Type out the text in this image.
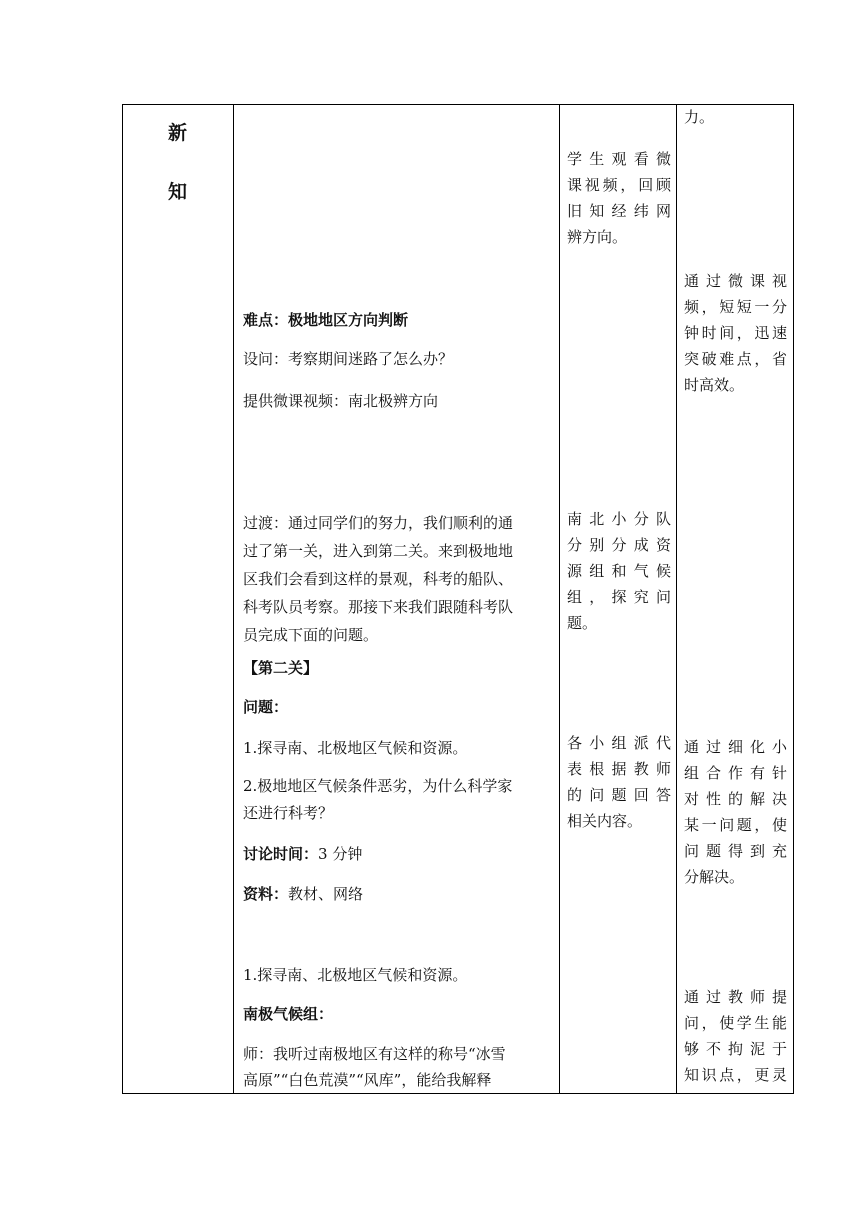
新
知
难点：极地地区方向判断
设问：考察期间迷路了怎么办？
提供微课视频：南北极辨方向
过渡：通过同学们的努力，我们顺利的通
过了第一关，进入到第二关。来到极地地
区我们会看到这样的景观，科考的船队、
科考队员考察。那接下来我们跟随科考队
员完成下面的问题。
【第二关】
问题：
1.探寻南、北极地区气候和资源。
2.极地地区气候条件恶劣，为什么科学家
还进行科考？
讨论时间：3 分钟
资料：教材、网络
1.探寻南、北极地区气候和资源。
南极气候组：
师：我听过南极地区有这样的称号“冰雪
高原”“白色荒漠”“风库”，能给我解释
学生观看微
课视频，回顾
旧知经纬网
辨方向。
南北小分队
分别分成资
源组和气候
组，探究问
题。
各小组派代
表根据教师
的问题回答
相关内容。
力。
通过微课视
频，短短一分
钟时间，迅速
突破难点，省
时高效。
通过细化小
组合作有针
对性的解决
某一问题，使
问题得到充
分解决。
通过教师提
问，使学生能
够不拘泥于
知识点，更灵
